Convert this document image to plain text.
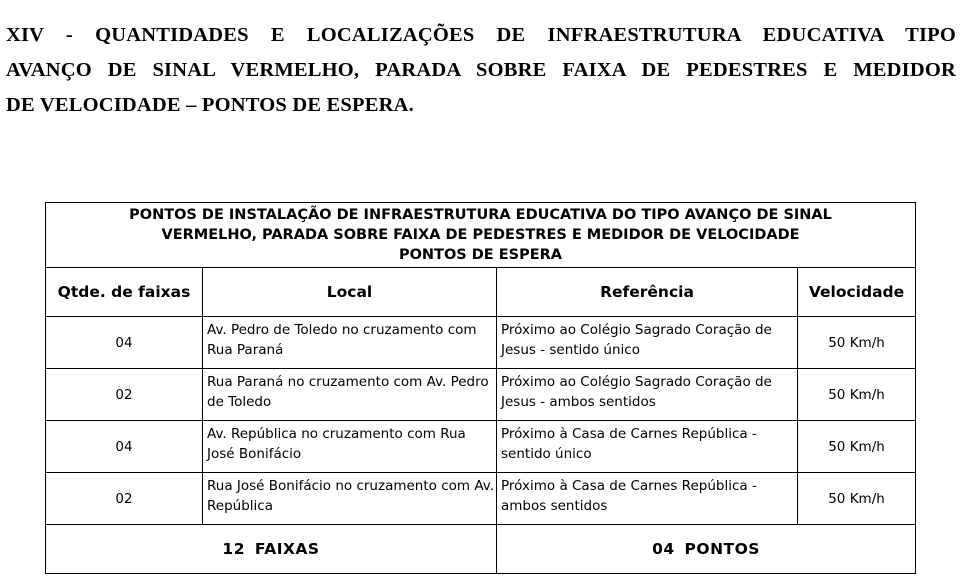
XIV - QUANTIDADES E LOCALIZAÇÕES DE INFRAESTRUTURA EDUCATIVA TIPO
AVANÇO DE SINAL VERMELHO, PARADA SOBRE FAIXA DE PEDESTRES E MEDIDOR
DE VELOCIDADE – PONTOS DE ESPERA.
PONTOS DE INSTALAÇÃO DE INFRAESTRUTURA EDUCATIVA DO TIPO AVANÇO DE SINAL
VERMELHO, PARADA SOBRE FAIXA DE PEDESTRES E MEDIDOR DE VELOCIDADE
PONTOS DE ESPERA			

Qtde. de faixas	Local	Referência	Velocidade
04	Av. Pedro de Toledo no cruzamento com Rua Paraná	Próximo ao Colégio Sagrado Coração de Jesus - sentido único	50 Km/h
02	Rua Paraná no cruzamento com Av. Pedro de Toledo	Próximo ao Colégio Sagrado Coração de Jesus - ambos sentidos	50 Km/h
04	Av. República no cruzamento com Rua José Bonifácio	Próximo à Casa de Carnes República - sentido único	50 Km/h
02	Rua José Bonifácio no cruzamento com Av. República	Próximo à Casa de Carnes República - ambos sentidos	50 Km/h
12 FAIXAS		04 PONTOS	
